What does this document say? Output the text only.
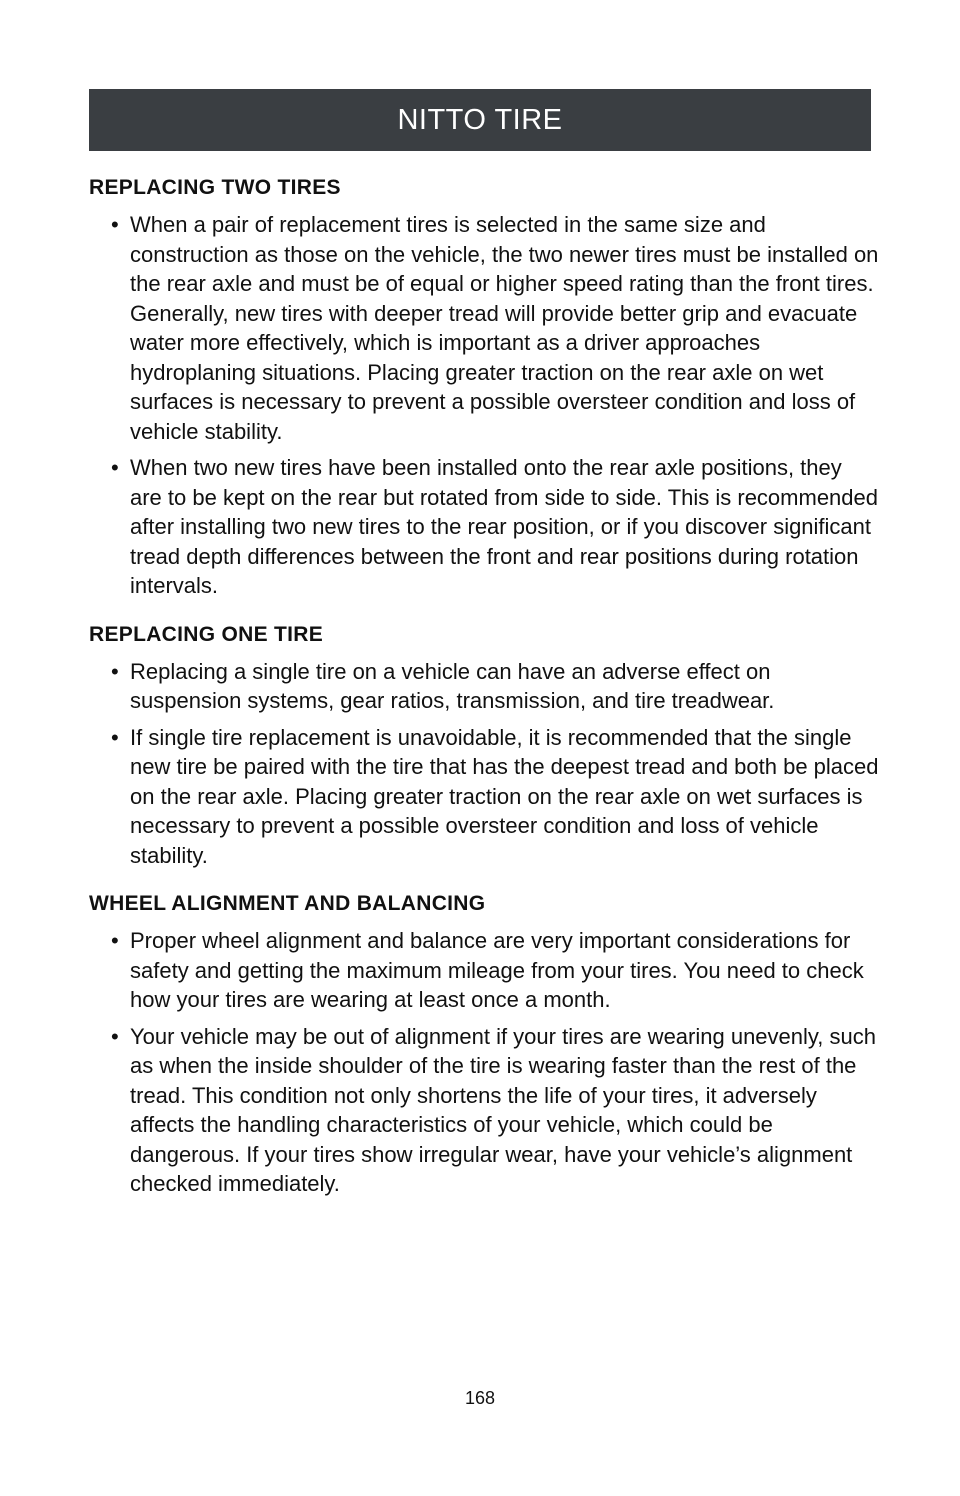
NITTO TIRE
REPLACING TWO TIRES
• When a pair of replacement tires is selected in the same size and construction as those on the vehicle, the two newer tires must be installed on the rear axle and must be of equal or higher speed rating than the front tires. Generally, new tires with deeper tread will provide better grip and evacuate water more effectively, which is important as a driver approaches hydroplaning situations. Placing greater traction on the rear axle on wet surfaces is necessary to prevent a possible oversteer condition and loss of vehicle stability.
• When two new tires have been installed onto the rear axle positions, they are to be kept on the rear but rotated from side to side. This is recommended after installing two new tires to the rear position, or if you discover significant tread depth differences between the front and rear positions during rotation intervals.
REPLACING ONE TIRE
• Replacing a single tire on a vehicle can have an adverse effect on suspension systems, gear ratios, transmission, and tire treadwear.
• If single tire replacement is unavoidable, it is recommended that the single new tire be paired with the tire that has the deepest tread and both be placed on the rear axle. Placing greater traction on the rear axle on wet surfaces is necessary to prevent a possible oversteer condition and loss of vehicle stability.
WHEEL ALIGNMENT AND BALANCING
• Proper wheel alignment and balance are very important considerations for safety and getting the maximum mileage from your tires. You need to check how your tires are wearing at least once a month.
• Your vehicle may be out of alignment if your tires are wearing unevenly, such as when the inside shoulder of the tire is wearing faster than the rest of the tread. This condition not only shortens the life of your tires, it adversely affects the handling characteristics of your vehicle, which could be dangerous. If your tires show irregular wear, have your vehicle’s alignment checked immediately.
168
